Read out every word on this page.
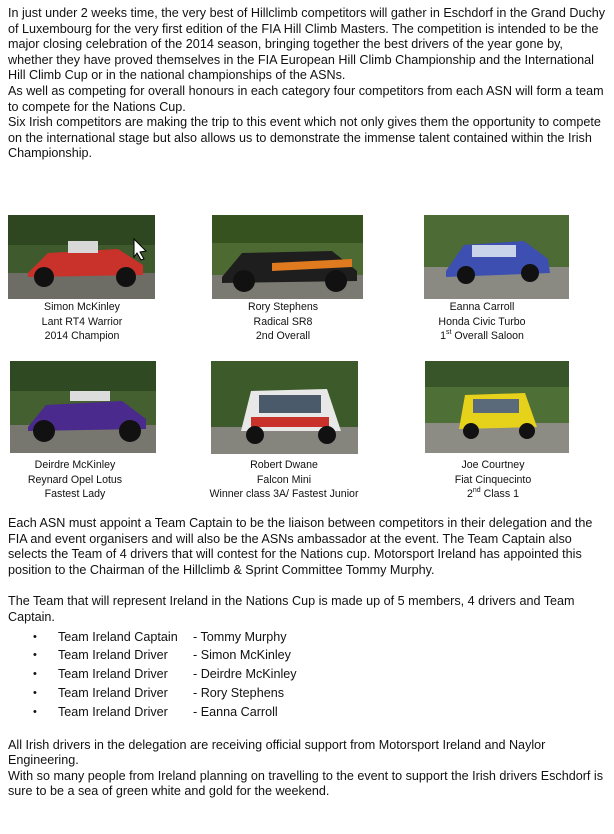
In just under 2 weeks time, the very best of Hillclimb competitors will gather in Eschdorf in the Grand Duchy of Luxembourg for the very first edition of the FIA Hill Climb Masters. The competition is intended to be the major closing celebration of the 2014 season, bringing together the best drivers of the year gone by, whether they have proved themselves in the FIA European Hill Climb Championship and the International Hill Climb Cup or in the national championships of the ASNs.

As well as competing for overall honours in each category four competitors from each ASN will form a team to compete for the Nations Cup.

Six Irish competitors are making the trip to this event which not only gives them the opportunity to compete on the international stage but also allows us to demonstrate the immense talent contained within the Irish Championship.

Simon McKinley
Lant RT4 Warrior
2014 Champion
Rory Stephens
Radical SR8
2nd Overall
Eanna Carroll
Honda Civic Turbo
1st Overall Saloon
Deirdre McKinley
Reynard Opel Lotus
Fastest Lady
Robert Dwane
Falcon Mini
Winner class 3A/ Fastest Junior
Joe Courtney
Fiat Cinquecinto
2nd Class 1

Each ASN must appoint a Team Captain to be the liaison between competitors in their delegation and the FIA and event organisers and will also be the ASNs ambassador at the event. The Team Captain also selects the Team of 4 drivers that will contest for the Nations cup. Motorsport Ireland has appointed this position to the Chairman of the Hillclimb & Sprint Committee Tommy Murphy.

The Team that will represent Ireland in the Nations Cup is made up of 5 members, 4 drivers and Team Captain.

• Team Ireland Captain - Tommy Murphy
• Team Ireland Driver - Simon McKinley
• Team Ireland Driver - Deirdre McKinley
• Team Ireland Driver - Rory Stephens
• Team Ireland Driver - Eanna Carroll

All Irish drivers in the delegation are receiving official support from Motorsport Ireland and Naylor Engineering.

With so many people from Ireland planning on travelling to the event to support the Irish drivers Eschdorf is sure to be a sea of green white and gold for the weekend.
